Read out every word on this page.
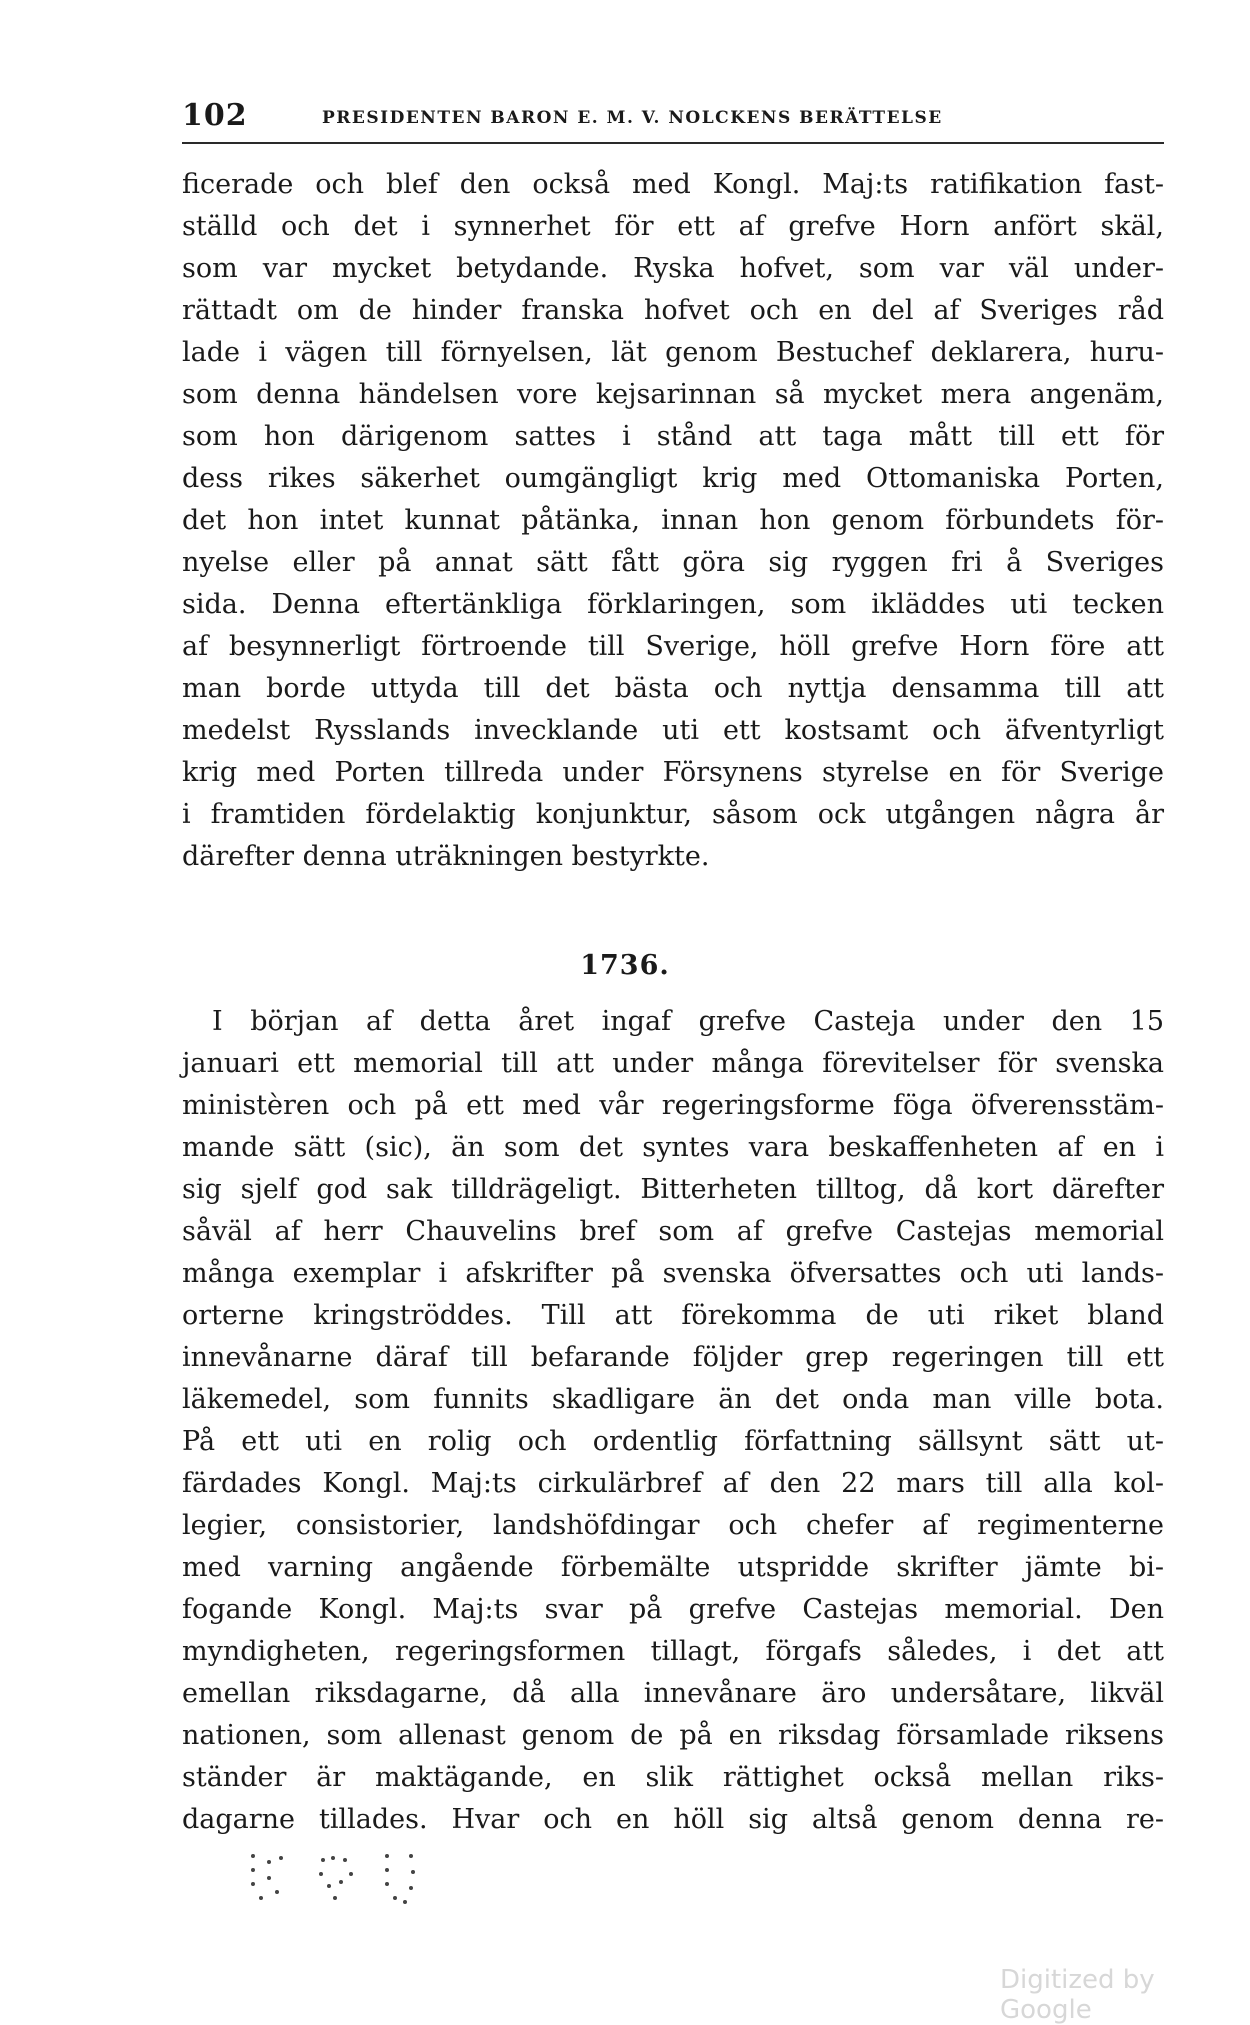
102	PRESIDENTEN BARON E. M. V. NOLCKENS BERÄTTELSE
ficerade och blef den också med Kongl. Maj:ts ratifikation fast-
ställd och det i synnerhet för ett af grefve Horn anfört skäl,
som var mycket betydande. Ryska hofvet, som var väl under-
rättadt om de hinder franska hofvet och en del af Sveriges råd
lade i vägen till förnyelsen, lät genom Bestuchef deklarera, huru-
som denna händelsen vore kejsarinnan så mycket mera angenäm,
som hon därigenom sattes i stånd att taga mått till ett för
dess rikes säkerhet oumgängligt krig med Ottomaniska Porten,
det hon intet kunnat påtänka, innan hon genom förbundets för-
nyelse eller på annat sätt fått göra sig ryggen fri å Sveriges
sida. Denna eftertänkliga förklaringen, som ikläddes uti tecken
af besynnerligt förtroende till Sverige, höll grefve Horn före att
man borde uttyda till det bästa och nyttja densamma till att
medelst Rysslands invecklande uti ett kostsamt och äfventyrligt
krig med Porten tillreda under Försynens styrelse en för Sverige
i framtiden fördelaktig konjunktur, såsom ock utgången några år
därefter denna uträkningen bestyrkte.
1736.
I början af detta året ingaf grefve Casteja under den 15
januari ett memorial till att under många förevitelser för svenska
ministèren och på ett med vår regeringsforme föga öfverensstäm-
mande sätt (sic), än som det syntes vara beskaffenheten af en i
sig sjelf god sak tilldrägeligt. Bitterheten tilltog, då kort därefter
såväl af herr Chauvelins bref som af grefve Castejas memorial
många exemplar i afskrifter på svenska öfversattes och uti lands-
orterne kringströddes. Till att förekomma de uti riket bland
innevånarne däraf till befarande följder grep regeringen till ett
läkemedel, som funnits skadligare än det onda man ville bota.
På ett uti en rolig och ordentlig författning sällsynt sätt ut-
färdades Kongl. Maj:ts cirkulärbref af den 22 mars till alla kol-
legier, consistorier, landshöfdingar och chefer af regimenterne
med varning angående förbemälte utspridde skrifter jämte bi-
fogande Kongl. Maj:ts svar på grefve Castejas memorial. Den
myndigheten, regeringsformen tillagt, förgafs således, i det att
emellan riksdagarne, då alla innevånare äro undersåtare, likväl
nationen, som allenast genom de på en riksdag församlade riksens
ständer är maktägande, en slik rättighet också mellan riks-
dagarne tillades. Hvar och en höll sig altså genom denna re-
Digitized by Google
